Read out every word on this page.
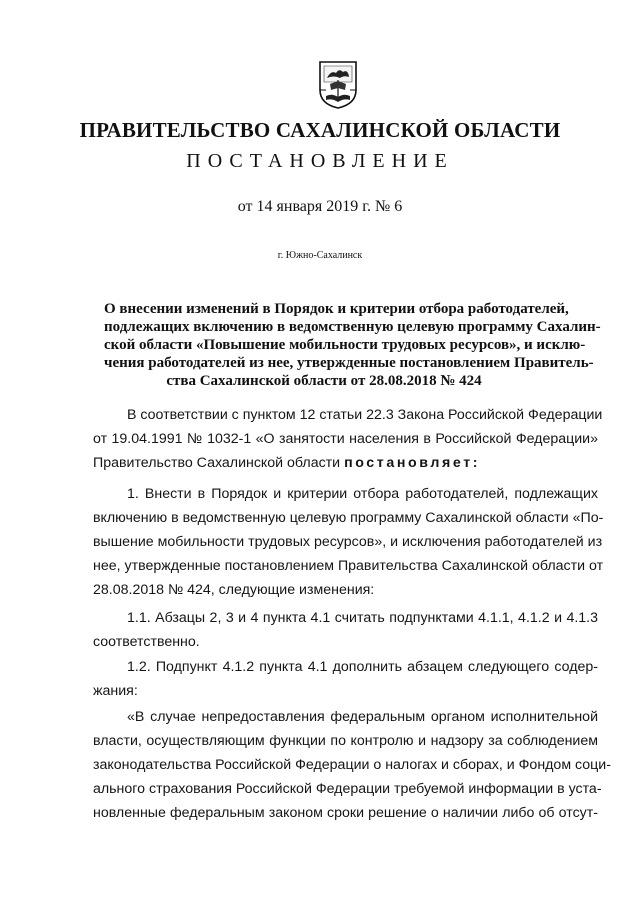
ПРАВИТЕЛЬСТВО САХАЛИНСКОЙ ОБЛАСТИ
ПОСТАНОВЛЕНИЕ
от 14 января 2019 г. № 6
г. Южно-Сахалинск
О внесении изменений в Порядок и критерии отбора работодателей,
подлежащих включению в ведомственную целевую программу Сахалин-
ской области «Повышение мобильности трудовых ресурсов», и исклю-
чения работодателей из нее, утвержденные постановлением Правитель-
ства Сахалинской области от 28.08.2018 № 424
В соответствии с пунктом 12 статьи 22.3 Закона Российской Федерации
от 19.04.1991 № 1032-1 «О занятости населения в Российской Федерации»
Правительство Сахалинской области постановляет:
1. Внести в Порядок и критерии отбора работодателей, подлежащих
включению в ведомственную целевую программу Сахалинской области «По-
вышение мобильности трудовых ресурсов», и исключения работодателей из
нее, утвержденные постановлением Правительства Сахалинской области от
28.08.2018 № 424, следующие изменения:
1.1. Абзацы 2, 3 и 4 пункта 4.1 считать подпунктами 4.1.1, 4.1.2 и 4.1.3
соответственно.
1.2. Подпункт 4.1.2 пункта 4.1 дополнить абзацем следующего содер-
жания:
«В случае непредоставления федеральным органом исполнительной
власти, осуществляющим функции по контролю и надзору за соблюдением
законодательства Российской Федерации о налогах и сборах, и Фондом соци-
ального страхования Российской Федерации требуемой информации в уста-
новленные федеральным законом сроки решение о наличии либо об отсут-
